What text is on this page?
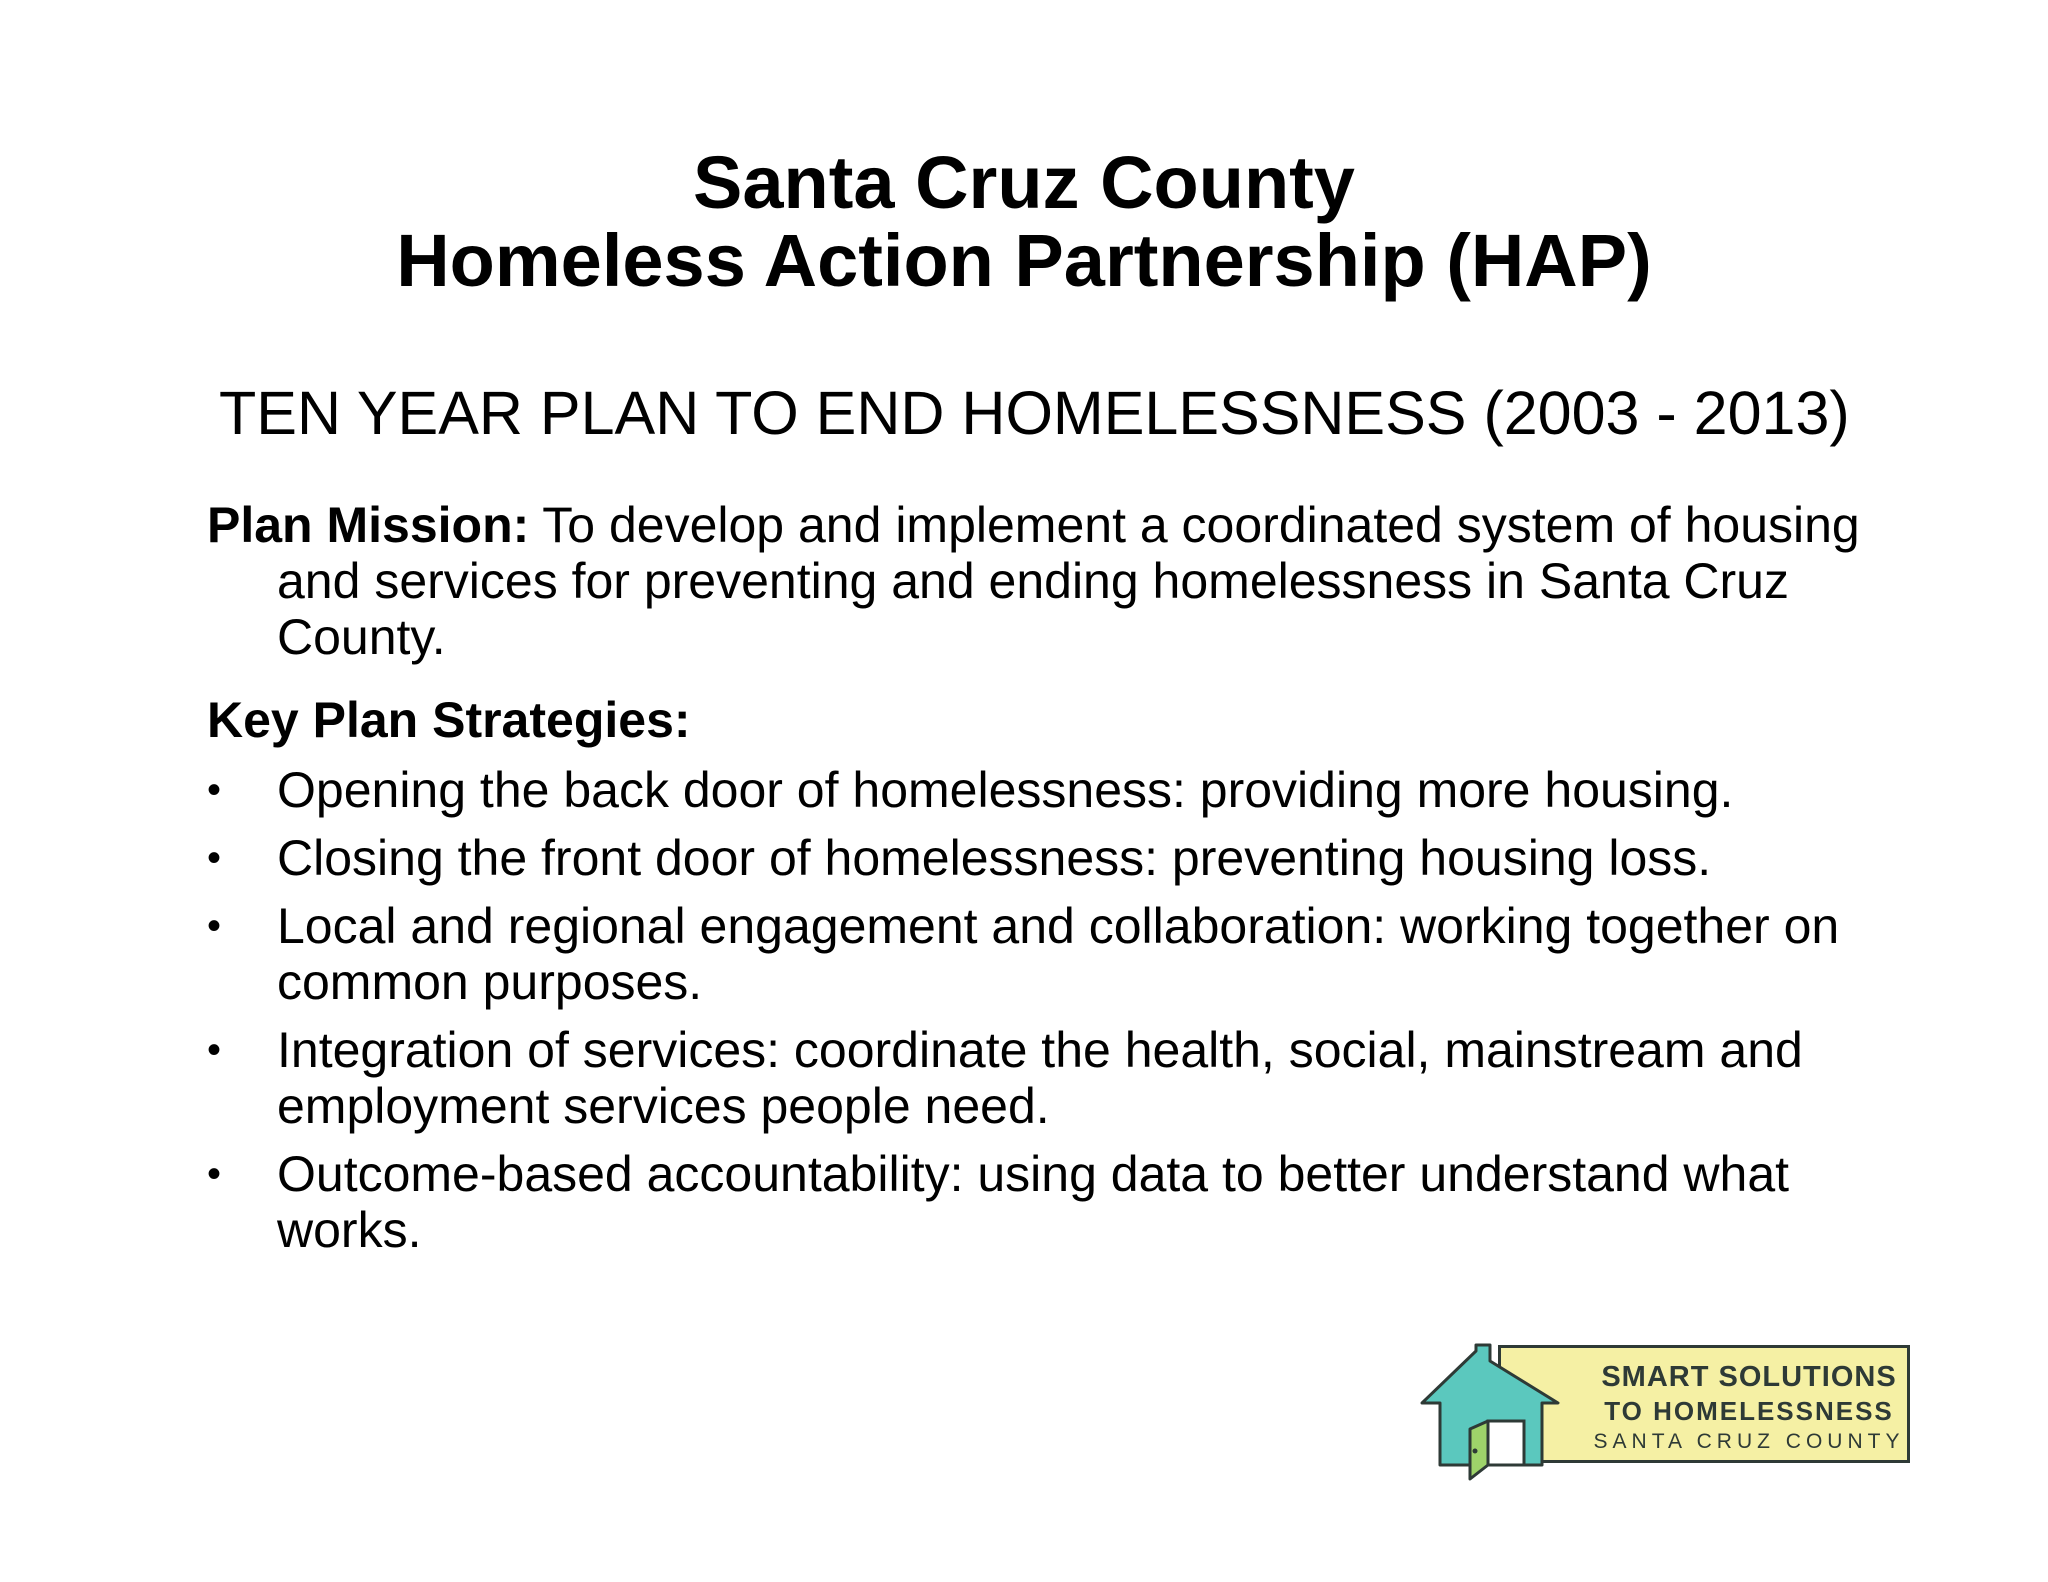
Santa Cruz County
Homeless Action Partnership (HAP)

TEN YEAR PLAN TO END HOMELESSNESS (2003 - 2013)

Plan Mission: To develop and implement a coordinated system of housing and services for preventing and ending homelessness in Santa Cruz County.

Key Plan Strategies:

•	Opening the back door of homelessness: providing more housing.
•	Closing the front door of homelessness: preventing housing loss.
•	Local and regional engagement and collaboration: working together on common purposes.
•	Integration of services: coordinate the health, social, mainstream and employment services people need.
•	Outcome-based accountability: using data to better understand what works.

SMART SOLUTIONS

TO HOMELESSNESS

SANTA CRUZ COUNTY
